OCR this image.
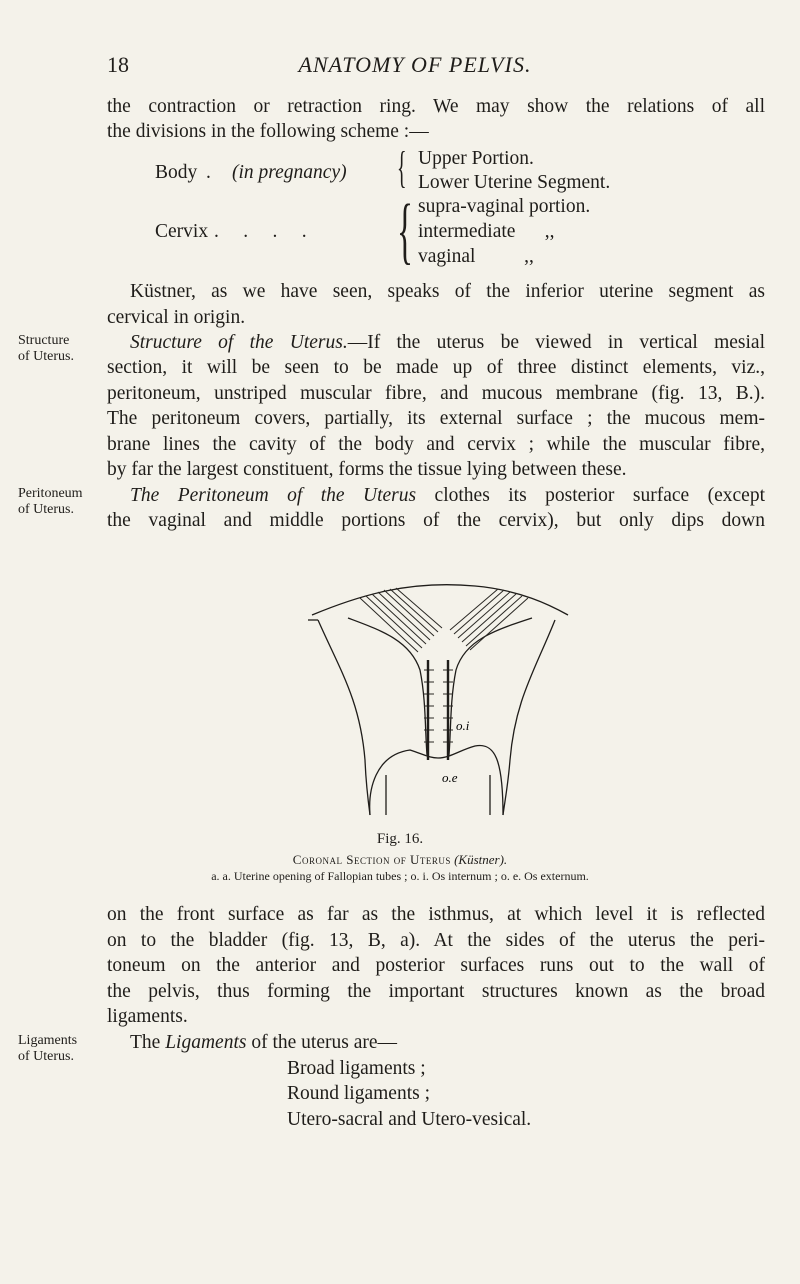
18	ANATOMY OF PELVIS.
the contraction or retraction ring. We may show the relations of all
the divisions in the following scheme :—
Body . (in pregnancy) { Upper Portion.
Lower Uterine Segment.
Cervix .     .     .     . { supra-vaginal portion.
intermediate      ,,
vaginal          ,,
Küstner, as we have seen, speaks of the inferior uterine segment as
cervical in origin.
Structure
of Uterus.
Structure of the Uterus.—If the uterus be viewed in vertical mesial
section, it will be seen to be made up of three distinct elements, viz.,
peritoneum, unstriped muscular fibre, and mucous membrane (fig. 13, B.).
The peritoneum covers, partially, its external surface ; the mucous mem-
brane lines the cavity of the body and cervix ; while the muscular fibre,
by far the largest constituent, forms the tissue lying between these.
Peritoneum
of Uterus.
The Peritoneum of the Uterus clothes its posterior surface (except
the vaginal and middle portions of the cervix), but only dips down
o.i
o.e
Fig. 16.
Coronal Section of Uterus (Küstner).
a. a. Uterine opening of Fallopian tubes ; o. i. Os internum ; o. e. Os externum.
on the front surface as far as the isthmus, at which level it is reflected
on to the bladder (fig. 13, B, a). At the sides of the uterus the peri-
toneum on the anterior and posterior surfaces runs out to the wall of
the pelvis, thus forming the important structures known as the broad
ligaments.
Ligaments
of Uterus.
The Ligaments of the uterus are—
Broad ligaments ;
Round ligaments ;
Utero-sacral and Utero-vesical.
